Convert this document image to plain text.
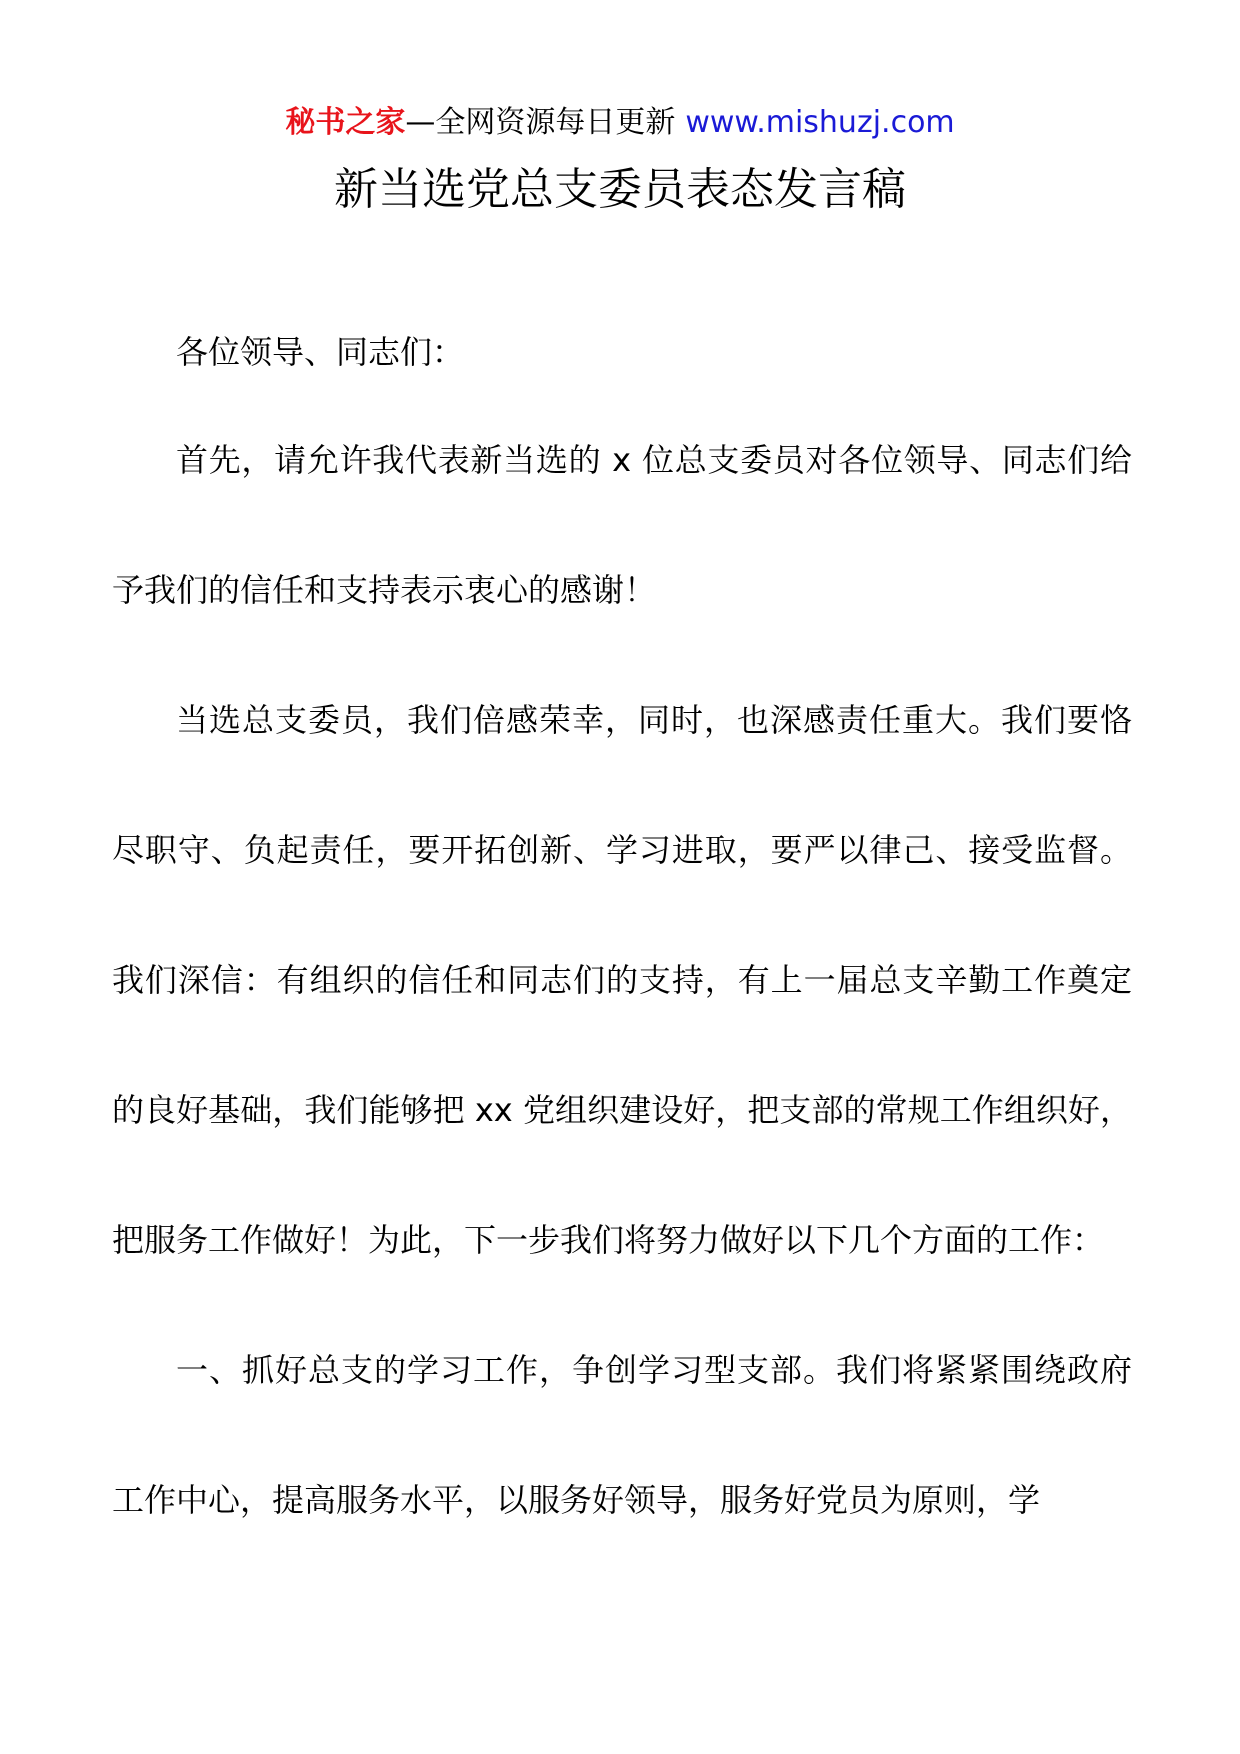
秘书之家—全网资源每日更新 www.mishuzj.com
新当选党总支委员表态发言稿

各位领导、同志们：

首先，请允许我代表新当选的 x 位总支委员对各位领导、同志们给予我们的信任和支持表示衷心的感谢！

当选总支委员，我们倍感荣幸，同时，也深感责任重大。我们要恪尽职守、负起责任，要开拓创新、学习进取，要严以律己、接受监督。我们深信：有组织的信任和同志们的支持，有上一届总支辛勤工作奠定的良好基础，我们能够把 xx 党组织建设好，把支部的常规工作组织好，把服务工作做好！为此，下一步我们将努力做好以下几个方面的工作：

一、抓好总支的学习工作，争创学习型支部。我们将紧紧围绕政府工作中心，提高服务水平，以服务好领导，服务好党员为原则，学
